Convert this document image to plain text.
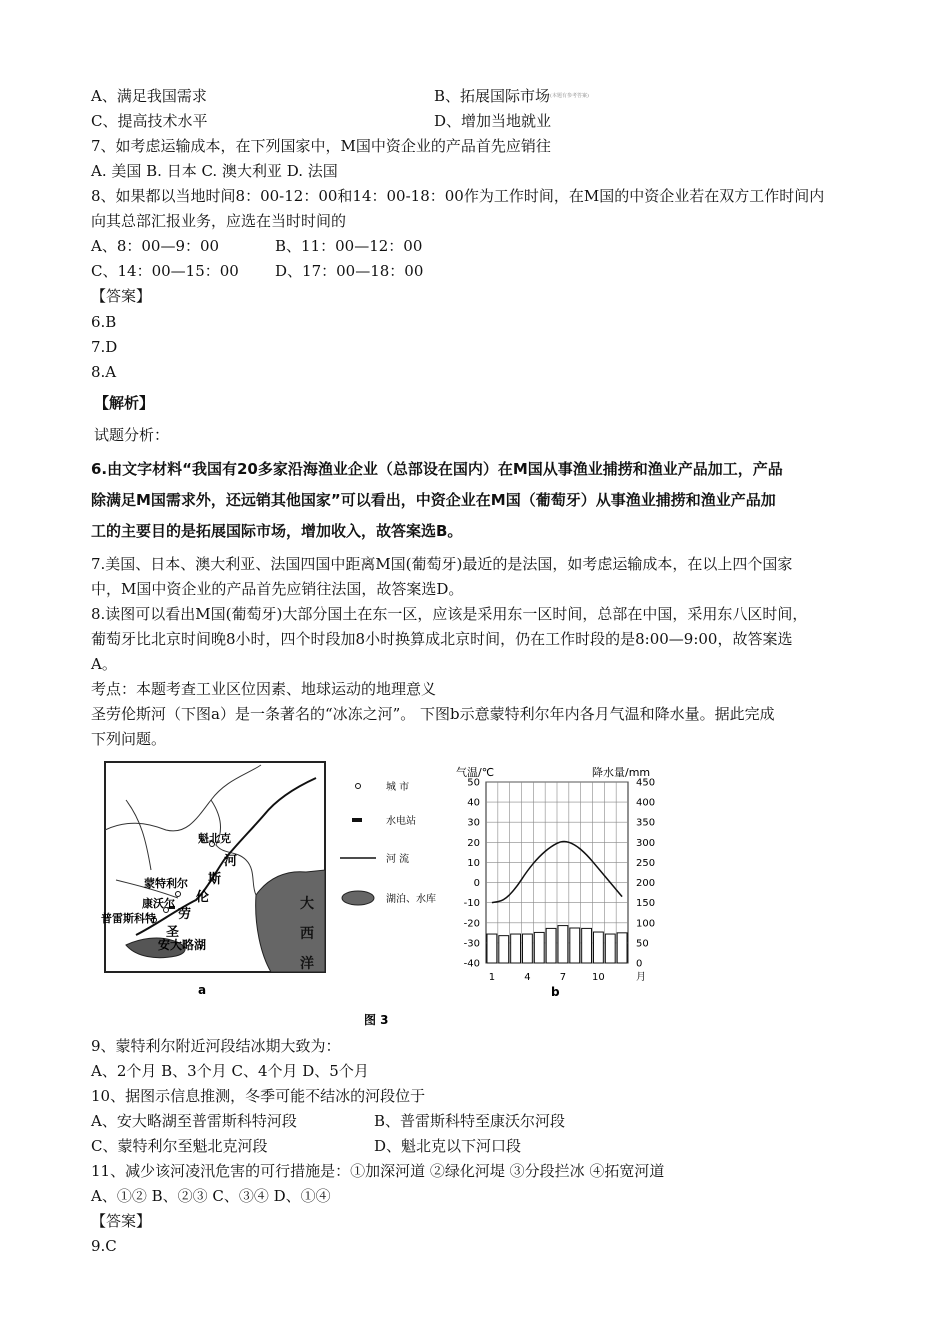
A、满足我国需求	B、拓展国际市场(本题有参考答案)
C、提高技术水平	D、增加当地就业
7、如考虑运输成本，在下列国家中，M国中资企业的产品首先应销往
A. 美国 B. 日本 C. 澳大利亚 D. 法国
8、如果都以当地时间8：00-12：00和14：00-18：00作为工作时间，在M国的中资企业若在双方工作时间内
向其总部汇报业务，应选在当时时间的
A、8：00—9：00	B、11：00—12：00
C、14：00—15：00 D、17：00—18：00
【答案】
6.B
7.D
8.A
【解析】
试题分析：
6.由文字材料“我国有20多家沿海渔业企业（总部设在国内）在M国从事渔业捕捞和渔业产品加工，产品
除满足M国需求外，还远销其他国家”可以看出，中资企业在M国（葡萄牙）从事渔业捕捞和渔业产品加
工的主要目的是拓展国际市场，增加收入，故答案选B。
7.美国、日本、澳大利亚、法国四国中距离M国(葡萄牙)最近的是法国，如考虑运输成本，在以上四个国家
中，M国中资企业的产品首先应销往法国，故答案选D。
8.读图可以看出M国(葡萄牙)大部分国土在东一区，应该是采用东一区时间，总部在中国，采用东八区时间，
葡萄牙比北京时间晚8小时，四个时段加8小时换算成北京时间，仍在工作时段的是8:00—9:00，故答案选
A。
考点：本题考查工业区位因素、地球运动的地理意义
圣劳伦斯河（下图a）是一条著名的“冰冻之河”。 下图b示意蒙特利尔年内各月气温和降水量。据此完成
下列问题。
魁北克
蒙特利尔
康沃尔
普雷斯科特
安大略湖
河
斯
伦
劳
圣
大
西
洋
a
城 市
水电站
河 流
湖泊、水库
50
40
30
20
10
0
-10
-20
-30
-40
450
400
350
300
250
200
150
100
50
0
1	4	7	10
气温/℃	降水量/mm
月
b
图 3
9、蒙特利尔附近河段结冰期大致为：
A、2个月 B、3个月 C、4个月 D、5个月
10、据图示信息推测，冬季可能不结冰的河段位于
A、安大略湖至普雷斯科特河段	B、普雷斯科特至康沃尔河段
C、蒙特利尔至魁北克河段	D、魁北克以下河口段
11、减少该河凌汛危害的可行措施是：①加深河道 ②绿化河堤 ③分段拦冰 ④拓宽河道
A、①② B、②③ C、③④ D、①④
【答案】
9.C
